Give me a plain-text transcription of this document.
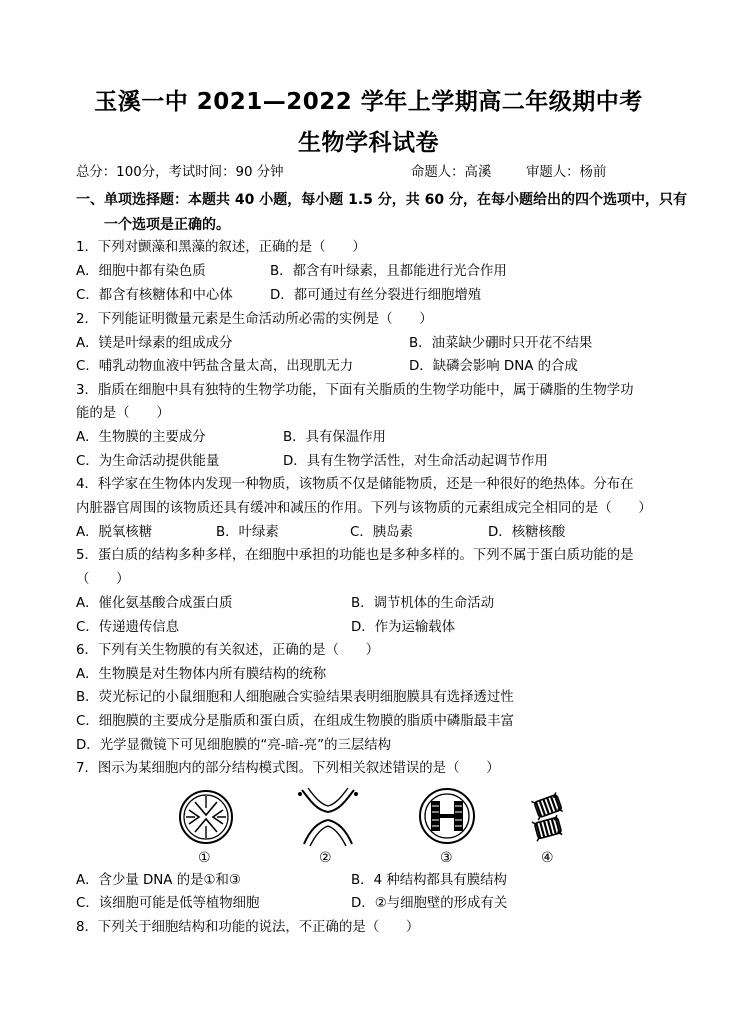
玉溪一中 2021—2022 学年上学期高二年级期中考
生物学科试卷
总分：100分，考试时间：90 分钟	命题人：高溪	审题人：杨前
一、单项选择题：本题共 40 小题，每小题 1.5 分，共 60 分，在每小题给出的四个选项中，只有
一个选项是正确的。
1．下列对颤藻和黑藻的叙述，正确的是（　　）
A．细胞中都有染色质	B．都含有叶绿素，且都能进行光合作用
C．都含有核糖体和中心体	D．都可通过有丝分裂进行细胞增殖
2．下列能证明微量元素是生命活动所必需的实例是（　　）
A．镁是叶绿素的组成成分	B．油菜缺少硼时只开花不结果
C．哺乳动物血液中钙盐含量太高，出现肌无力	D．缺磷会影响 DNA 的合成
3．脂质在细胞中具有独特的生物学功能，下面有关脂质的生物学功能中，属于磷脂的生物学功
能的是（　　）
A．生物膜的主要成分	B．具有保温作用
C．为生命活动提供能量	D．具有生物学活性，对生命活动起调节作用
4．科学家在生物体内发现一种物质，该物质不仅是储能物质，还是一种很好的绝热体。分布在
内脏器官周围的该物质还具有缓冲和减压的作用。下列与该物质的元素组成完全相同的是（　　）
A．脱氧核糖	B．叶绿素	C．胰岛素	D．核糖核酸
5．蛋白质的结构多种多样，在细胞中承担的功能也是多种多样的。下列不属于蛋白质功能的是
（　　）
A．催化氨基酸合成蛋白质	B．调节机体的生命活动
C．传递遗传信息	D．作为运输载体
6．下列有关生物膜的有关叙述，正确的是（　　）
A．生物膜是对生物体内所有膜结构的统称
B．荧光标记的小鼠细胞和人细胞融合实验结果表明细胞膜具有选择透过性
C．细胞膜的主要成分是脂质和蛋白质，在组成生物膜的脂质中磷脂最丰富
D．光学显微镜下可见细胞膜的“亮-暗-亮”的三层结构
7．图示为某细胞内的部分结构模式图。下列相关叙述错误的是（　　）
①	②	③	④
A．含少量 DNA 的是①和③	B．4 种结构都具有膜结构
C．该细胞可能是低等植物细胞	D．②与细胞壁的形成有关
8．下列关于细胞结构和功能的说法，不正确的是（　　）
